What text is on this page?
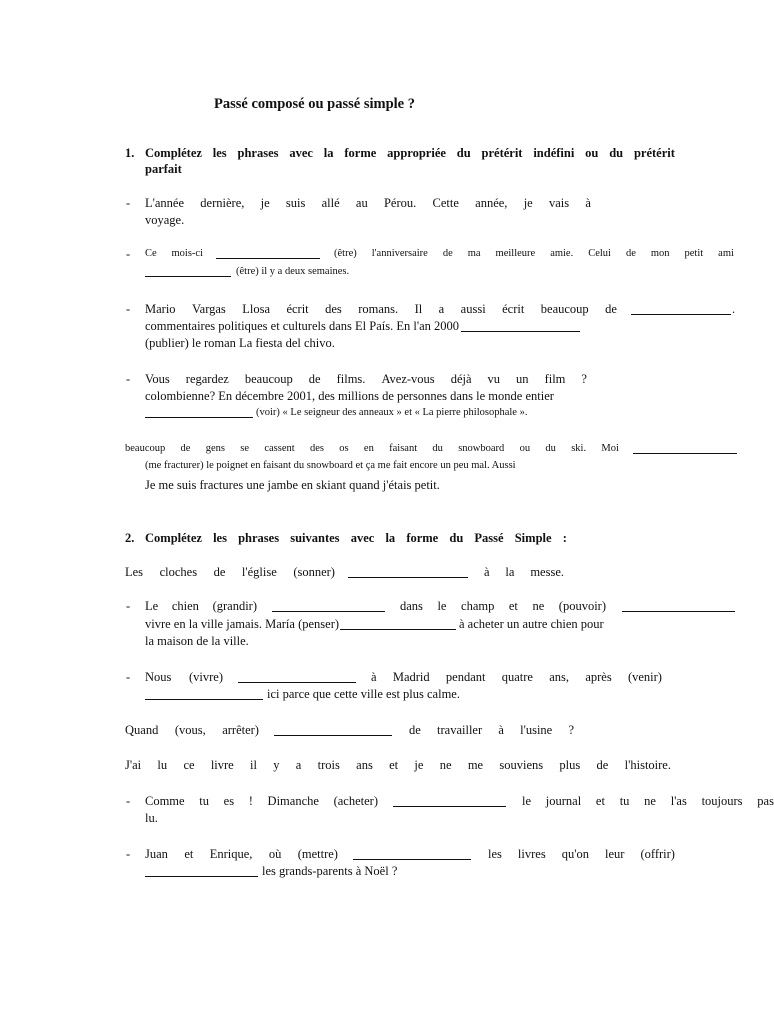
Passé composé ou passé simple ?
1. Complétez les phrases avec la forme appropriée du prétérit indéfini ou du prétérit
parfait
- L'année dernière, je suis allé au Pérou. Cette année, je vais à
voyage.
- Ce mois-ci	(être) l'anniversaire de ma meilleure amie. Celui de mon petit ami
(être) il y a deux semaines.
- Mario Vargas Llosa écrit des romans. Il a aussi écrit beaucoup de	.
commentaires politiques et culturels dans El País. En l'an 2000
(publier) le roman La fiesta del chivo.
- Vous regardez beaucoup de films. Avez-vous déjà vu un film ?
colombienne? En décembre 2001, des millions de personnes dans le monde entier
(voir) « Le seigneur des anneaux » et « La pierre philosophale ».
beaucoup de gens se cassent des os en faisant du snowboard ou du ski. Moi
(me fracturer) le poignet en faisant du snowboard et ça me fait encore un peu mal. Aussi
Je me suis fractures une jambe en skiant quand j'étais petit.
2. Complétez les phrases suivantes avec la forme du Passé Simple :
Les cloches de l'église (sonner)	à la messe.
- Le chien (grandir)	dans le champ et ne (pouvoir)
vivre en la ville jamais. María (penser)	à acheter un autre chien pour
la maison de la ville.
- Nous (vivre)	à Madrid pendant quatre ans, après (venir)
ici parce que cette ville est plus calme.
Quand (vous, arrêter)	de travailler à l'usine ?
J'ai lu ce livre il y a trois ans et je ne me souviens plus de l'histoire.
- Comme tu es ! Dimanche (acheter)	le journal et tu ne l'as toujours pas
lu.
- Juan et Enrique, où (mettre)	les livres qu'on leur (offrir)
les grands-parents à Noël ?
